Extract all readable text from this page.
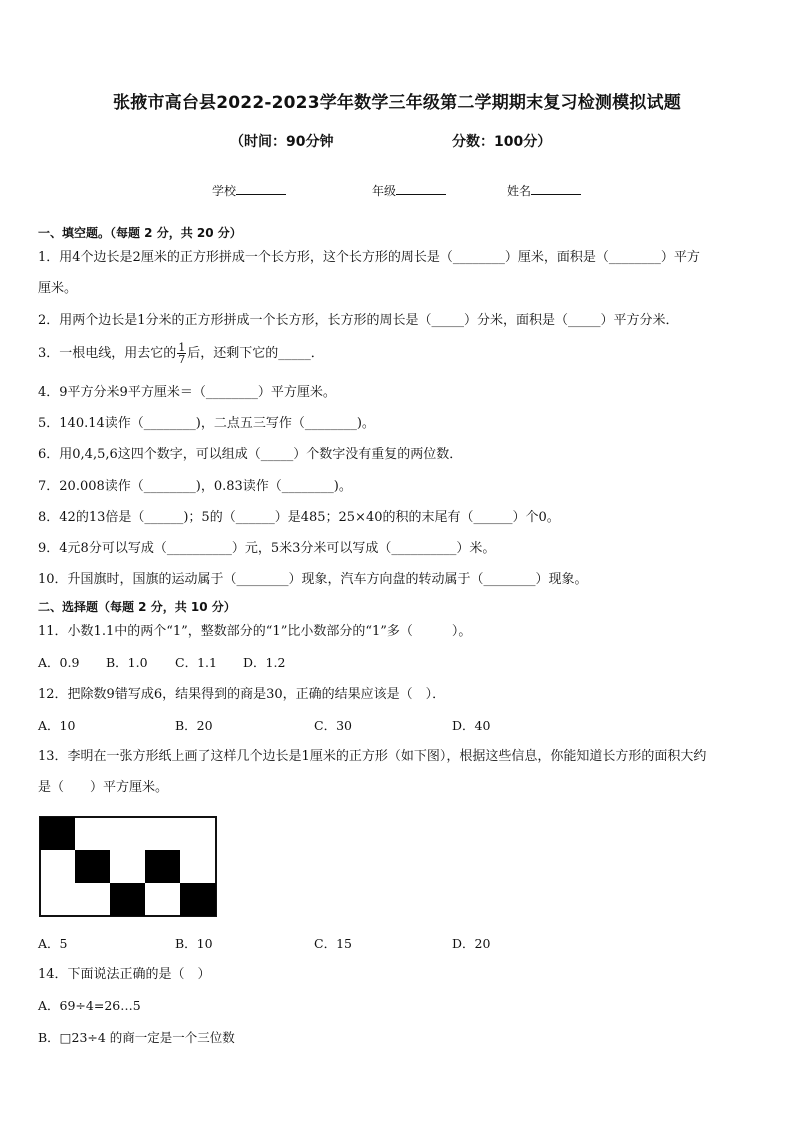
张掖市高台县2022-2023学年数学三年级第二学期期末复习检测模拟试题
（时间：90分钟	分数：100分）
学校	年级	姓名
一、填空题。（每题 2 分，共 20 分）
1．用4个边长是2厘米的正方形拼成一个长方形，这个长方形的周长是（________）厘米，面积是（________）平方
厘米。
2．用两个边长是1分米的正方形拼成一个长方形，长方形的周长是（_____）分米，面积是（_____）平方分米．
3．一根电线，用去它的 $\frac{1}{7}$ 后，还剩下它的_____．
4．9平方分米9平方厘米＝（________）平方厘米。
5．140.14读作（________)，二点五三写作（________)。
6．用0,4,5,6这四个数字，可以组成（_____）个数字没有重复的两位数．
7．20.008读作（________)，0.83读作（________)。
8．42的13倍是（______)；5的（______）是485；25×40的积的末尾有（______）个0。
9．4元8分可以写成（__________）元，5米3分米可以写成（__________）米。
10．升国旗时，国旗的运动属于（________）现象，汽车方向盘的转动属于（________）现象。
二、选择题（每题 2 分，共 10 分）
11．小数1.1中的两个“1”，整数部分的“1”比小数部分的“1”多（　　　）。
A．0.9 B．1.0 C．1.1 D．1.2
12．把除数9错写成6，结果得到的商是30，正确的结果应该是（　）．
A．10	B．20	C．30	D．40
13．李明在一张方形纸上画了这样几个边长是1厘米的正方形（如下图），根据这些信息，你能知道长方形的面积大约
是（　　）平方厘米。
A．5	B．10	C．15	D．20
14．下面说法正确的是（　）
A．69÷4=26…5
B．□23÷4 的商一定是一个三位数
